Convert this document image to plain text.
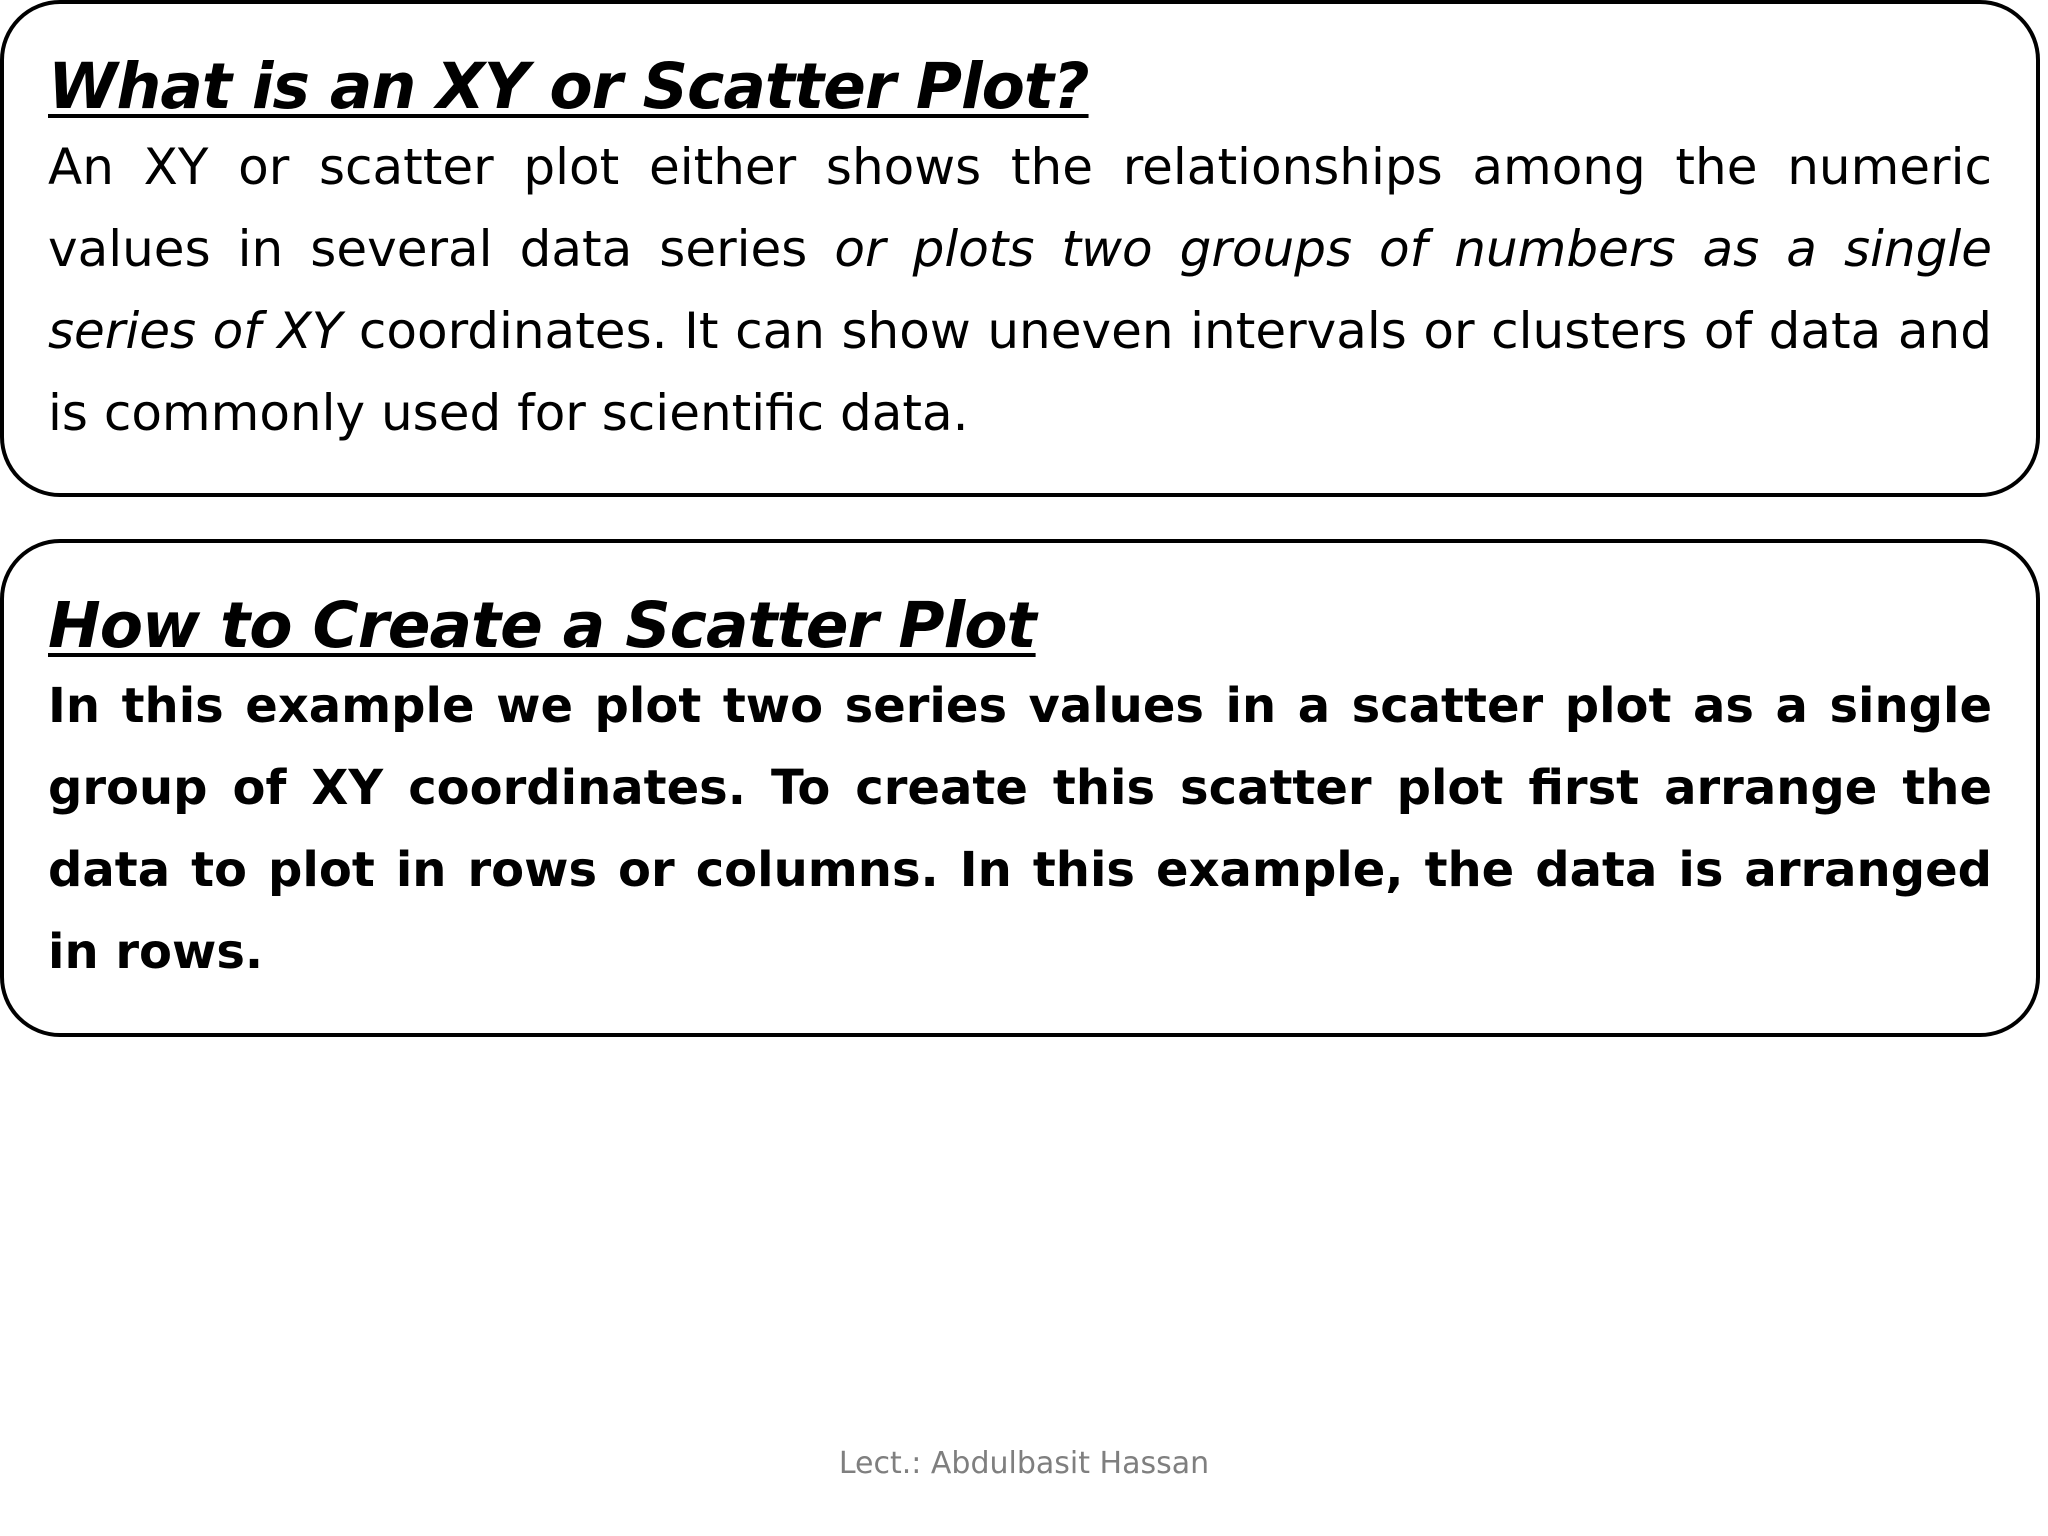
What is an XY or Scatter Plot?

An XY or scatter plot either shows the relationships among the numeric values in several data series or plots two groups of numbers as a single series of XY coordinates. It can show uneven intervals or clusters of data and is commonly used for scientific data.

How to Create a Scatter Plot

In this example we plot two series values in a scatter plot as a single group of XY coordinates. To create this scatter plot first arrange the data to plot in rows or columns. In this example, the data is arranged in rows.

Lect.: Abdulbasit Hassan
